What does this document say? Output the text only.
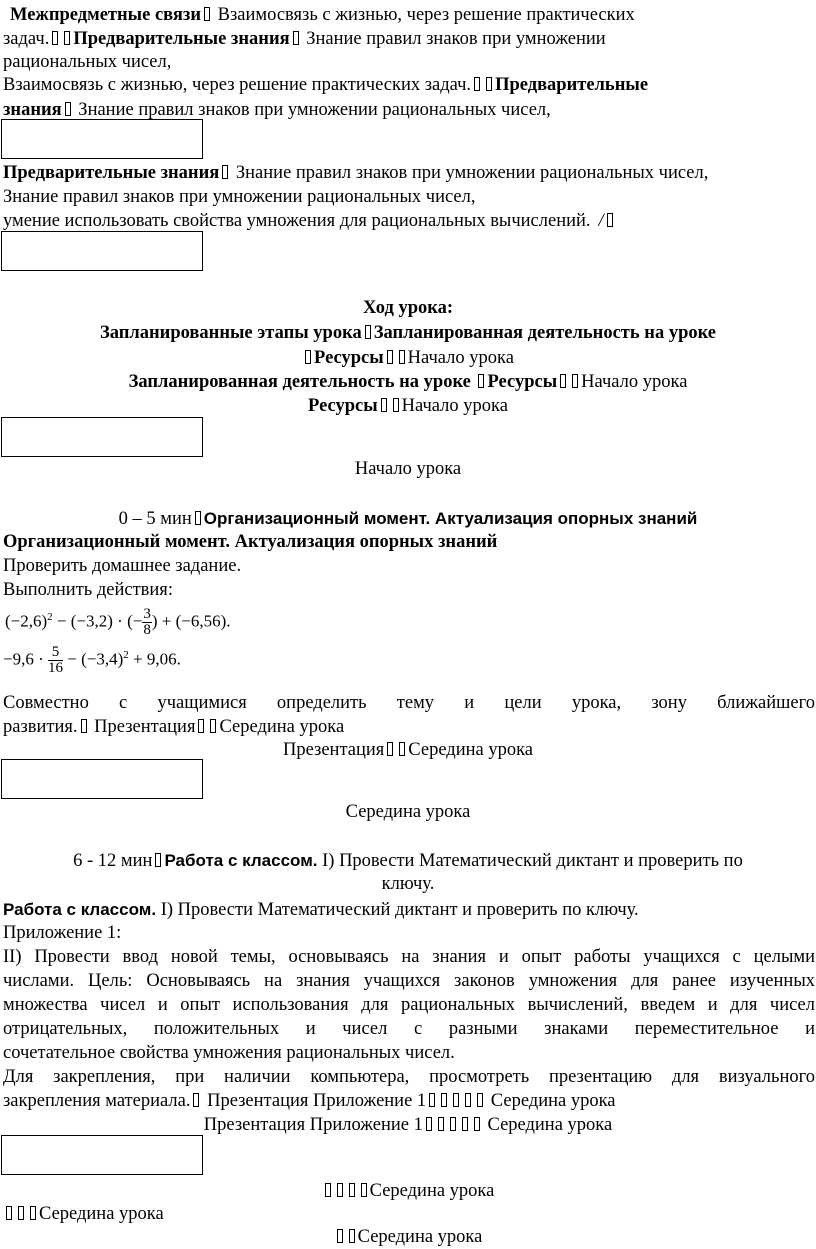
Межпредметные связи Взаимосвязь с жизнью, через решение практических
задач. Предварительные знания Знание правил знаков при умножении
рациональных чисел,
Взаимосвязь с жизнью, через решение практических задач. Предварительные
знания Знание правил знаков при умножении рациональных чисел,
Предварительные знания Знание правил знаков при умножении рациональных чисел,
Знание правил знаков при умножении рациональных чисел,
умение использовать свойства умножения для рациональных вычислений. /
Ход урока:
Запланированные этапы урока Запланированная деятельность на уроке
Ресурсы Начало урока
Запланированная деятельность на уроке Ресурсы Начало урока
Ресурсы Начало урока
Начало урока
0 – 5 мин Организационный момент. Актуализация опорных знаний
Организационный момент. Актуализация опорных знаний
Проверить домашнее задание.
Выполнить действия:
$(-2,6)^2 - (-3,2)$ · (− $\frac{3}{8}$ ) + (−6,56).
$-9,6 \cdot \frac{5}{16} - (-3,4)^2 + 9,06$.
Совместно с учащимися определить тему и цели урока, зону ближайшего
развития. Презентация Середина урока
Презентация Середина урока
Середина урока
6 - 12 мин Работа с классом. I) Провести Математический диктант и проверить по
ключу.
Работа с классом. I) Провести Математический диктант и проверить по ключу.
Приложение 1:
II) Провести ввод новой темы, основываясь на знания и опыт работы учащихся с целыми
числами. Цель: Основываясь на знания учащихся законов умножения для ранее изученных
множества чисел и опыт использования для рациональных вычислений, введем и для чисел
отрицательных, положительных и чисел с разными знаками переместительное и
сочетательное свойства умножения рациональных чисел.
Для закрепления, при наличии компьютера, просмотреть презентацию для визуального
закрепления материала. Презентация Приложение 1	Середина урока
Презентация Приложение 1	Середина урока
Середина урока
Середина урока
Середина урока
